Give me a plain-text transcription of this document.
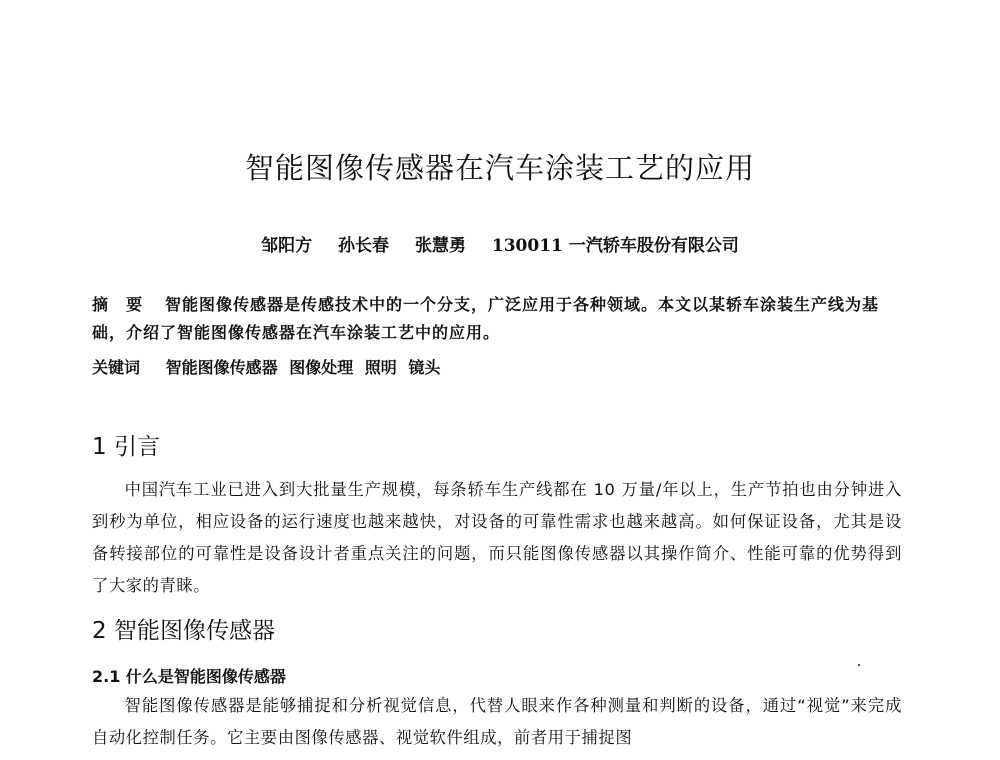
智能图像传感器在汽车涂装工艺的应用
邹阳方 孙长春 张慧勇 130011 一汽轿车股份有限公司
摘　要 智能图像传感器是传感技术中的一个分支，广泛应用于各种领域。本文以某轿车涂装生产线为基础，介绍了智能图像传感器在汽车涂装工艺中的应用。
关键词 智能图像传感器 图像处理 照明 镜头
1 引言

中国汽车工业已进入到大批量生产规模，每条轿车生产线都在 10 万量/年以上，生产节拍也由分钟进入到秒为单位，相应设备的运行速度也越来越快，对设备的可靠性需求也越来越高。如何保证设备，尤其是设备转接部位的可靠性是设备设计者重点关注的问题，而只能图像传感器以其操作简介、性能可靠的优势得到了大家的青睐。

2 智能图像传感器
2.1 什么是智能图像传感器

智能图像传感器是能够捕捉和分析视觉信息，代替人眼来作各种测量和判断的设备，通过“视觉”来完成自动化控制任务。它主要由图像传感器、视觉软件组成，前者用于捕捉图
